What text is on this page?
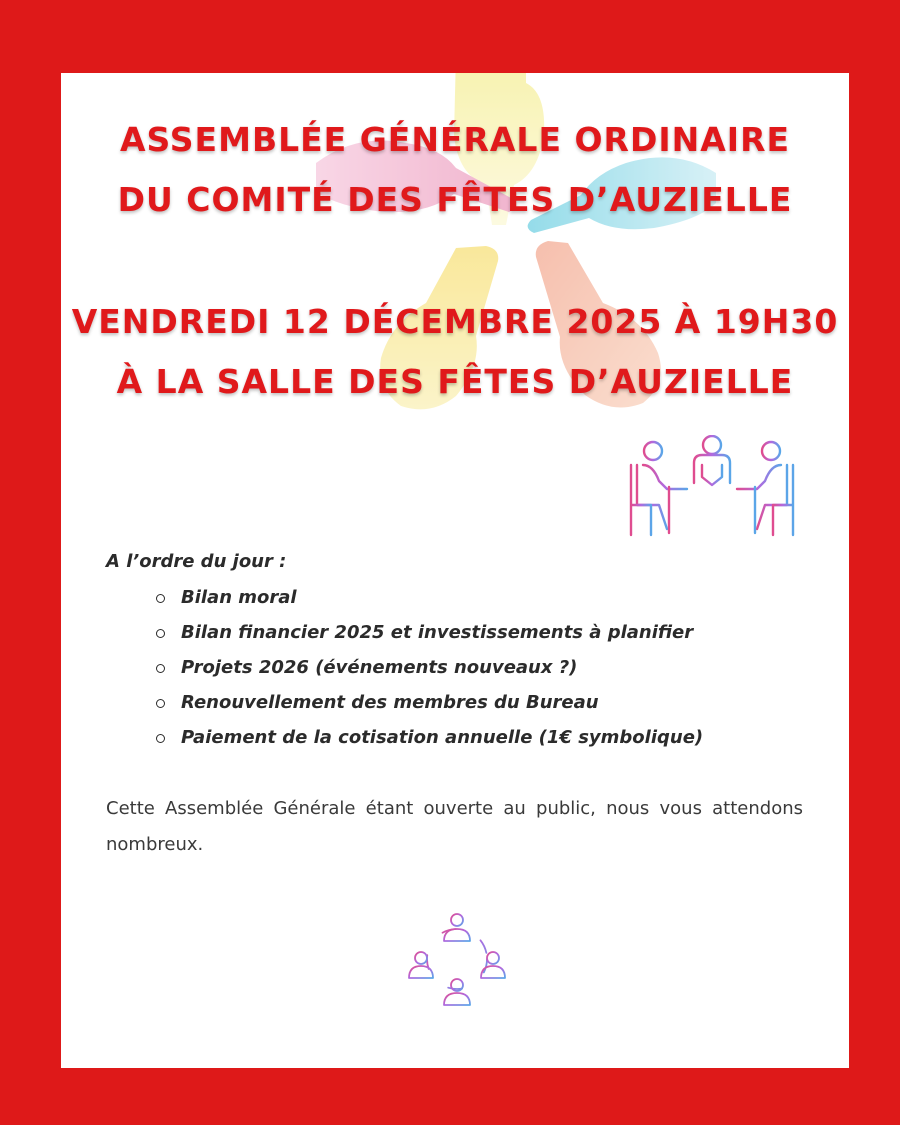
ASSEMBLÉE GÉNÉRALE ORDINAIRE
DU COMITÉ DES FÊTES D’AUZIELLE
VENDREDI 12 DÉCEMBRE 2025 À 19H30
À LA SALLE DES FÊTES D’AUZIELLE
A l’ordre du jour :
Bilan moral
Bilan financier 2025 et investissements à planifier
Projets 2026 (événements nouveaux ?)
Renouvellement des membres du Bureau
Paiement de la cotisation annuelle (1€ symbolique)

Cette Assemblée Générale étant ouverte au public, nous vous attendons nombreux.
